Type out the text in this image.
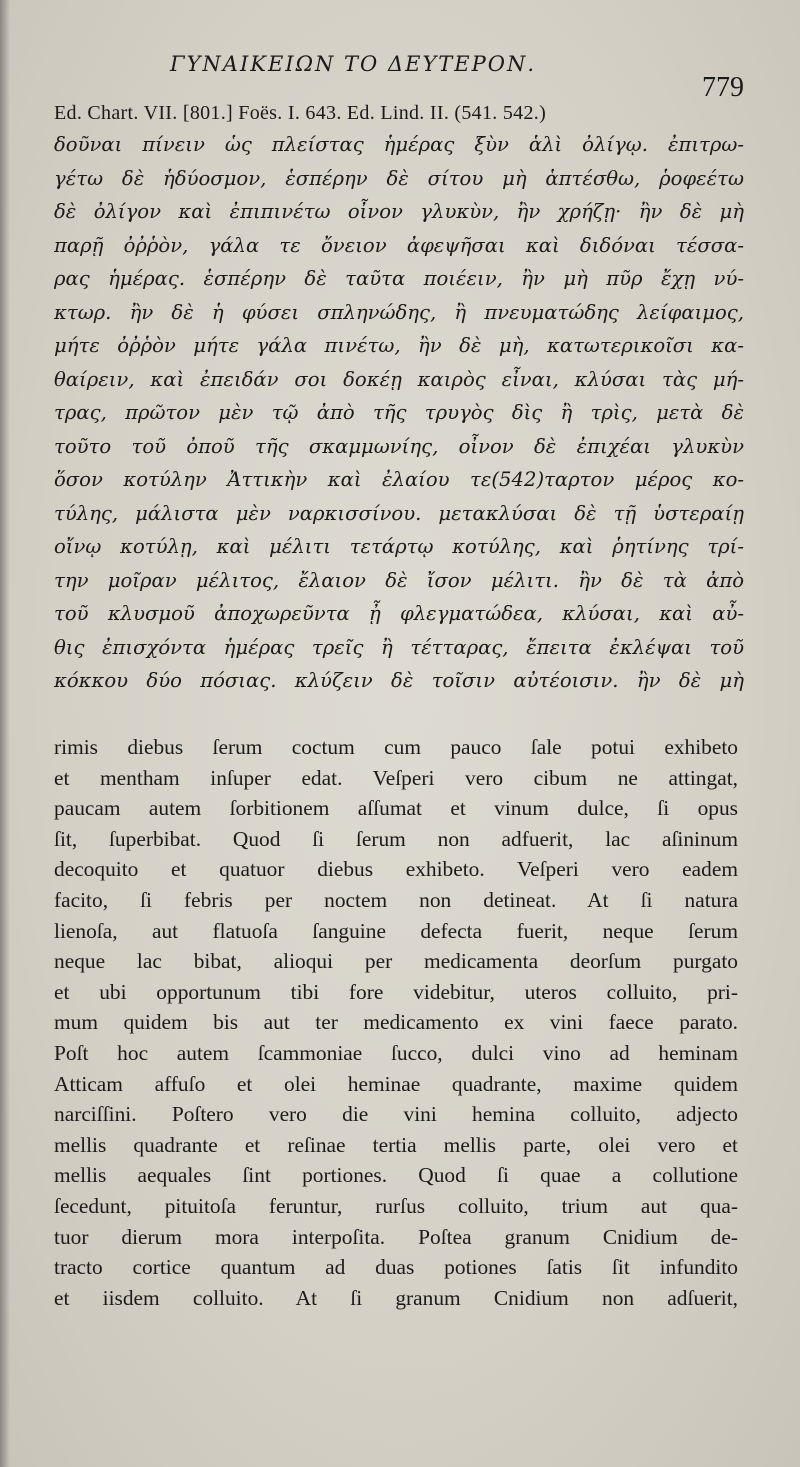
ΓΥΝΑΙΚΕΙΩΝ ΤΟ ΔΕΥΤΕΡΟΝ.
779
Ed. Chart. VII. [801.] Foës. I. 643. Ed. Lind. II. (541. 542.)
δοῦναι πίνειν ὡς πλείστας ἡμέρας ξὺν ἁλὶ ὀλίγῳ. ἐπιτρω-
γέτω δὲ ἡδύοσμον, ἑσπέρην δὲ σίτου μὴ ἁπτέσθω, ῥοφεέτω
δὲ ὀλίγον καὶ ἐπιπινέτω οἶνον γλυκὺν, ἢν χρήζῃ· ἢν δὲ μὴ
παρῇ ὀῤῥὸν, γάλα τε ὄνειον ἀφεψῆσαι καὶ διδόναι τέσσα-
ρας ἡμέρας. ἑσπέρην δὲ ταῦτα ποιέειν, ἢν μὴ πῦρ ἔχῃ νύ-
κτωρ. ἢν δὲ ἡ φύσει σπληνώδης, ἢ πνευματώδης λείφαιμος,
μήτε ὀῤῥὸν μήτε γάλα πινέτω, ἢν δὲ μὴ, κατωτερικοῖσι κα-
θαίρειν, καὶ ἐπειδάν σοι δοκέῃ καιρὸς εἶναι, κλύσαι τὰς μή-
τρας, πρῶτον μὲν τῷ ἀπὸ τῆς τρυγὸς δὶς ἢ τρὶς, μετὰ δὲ
τοῦτο τοῦ ὀποῦ τῆς σκαμμωνίης, οἶνον δὲ ἐπιχέαι γλυκὺν
ὅσον κοτύλην Ἀττικὴν καὶ ἐλαίου τε(542)ταρτον μέρος κο-
τύλης, μάλιστα μὲν ναρκισσίνου. μετακλύσαι δὲ τῇ ὑστεραίῃ
οἴνῳ κοτύλῃ, καὶ μέλιτι τετάρτῳ κοτύλης, καὶ ῥητίνης τρί-
την μοῖραν μέλιτος, ἔλαιον δὲ ἴσον μέλιτι. ἢν δὲ τὰ ἀπὸ
τοῦ κλυσμοῦ ἀποχωρεῦντα ᾖ φλεγματώδεα, κλύσαι, καὶ αὖ-
θις ἐπισχόντα ἡμέρας τρεῖς ἢ τέτταρας, ἔπειτα ἐκλέψαι τοῦ
κόκκου δύο πόσιας. κλύζειν δὲ τοῖσιν αὐτέοισιν. ἢν δὲ μὴ
rimis diebus ſerum coctum cum pauco ſale potui exhibeto
et mentham inſuper edat. Veſperi vero cibum ne attingat,
paucam autem ſorbitionem aſſumat et vinum dulce, ſi opus
ſit, ſuperbibat. Quod ſi ſerum non adfuerit, lac aſininum
decoquito et quatuor diebus exhibeto. Veſperi vero eadem
facito, ſi febris per noctem non detineat. At ſi natura
lienoſa, aut flatuoſa ſanguine defecta fuerit, neque ſerum
neque lac bibat, alioqui per medicamenta deorſum purgato
et ubi opportunum tibi fore videbitur, uteros colluito, pri-
mum quidem bis aut ter medicamento ex vini faece parato.
Poſt hoc autem ſcammoniae ſucco, dulci vino ad heminam
Atticam affuſo et olei heminae quadrante, maxime quidem
narciſſini. Poſtero vero die vini hemina colluito, adjecto
mellis quadrante et reſinae tertia mellis parte, olei vero et
mellis aequales ſint portiones. Quod ſi quae a collutione
ſecedunt, pituitoſa feruntur, rurſus colluito, trium aut qua-
tuor dierum mora interpoſita. Poſtea granum Cnidium de-
tracto cortice quantum ad duas potiones ſatis ſit infundito
et iisdem colluito. At ſi granum Cnidium non adſuerit,
